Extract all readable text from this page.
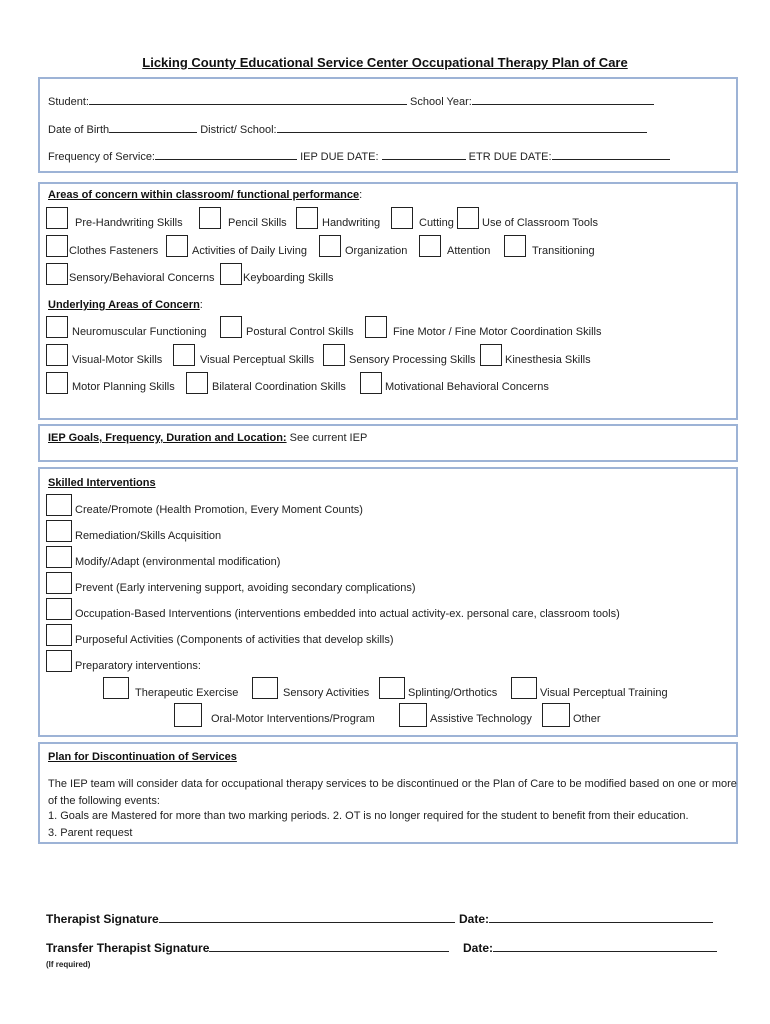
Licking County Educational Service Center Occupational Therapy Plan of Care
Student:	School Year:
Date of Birth	District/ School:
Frequency of Service:	IEP DUE DATE:	ETR DUE DATE:
Areas of concern within classroom/ functional performance:
Pre-Handwriting Skills	Pencil Skills	Handwriting	Cutting	Use of Classroom Tools
Clothes Fasteners	Activities of Daily Living	Organization	Attention	Transitioning
Sensory/Behavioral Concerns	Keyboarding Skills
Underlying Areas of Concern:
Neuromuscular Functioning	Postural Control Skills	Fine Motor / Fine Motor Coordination Skills
Visual-Motor Skills	Visual Perceptual Skills	Sensory Processing Skills	Kinesthesia Skills
Motor Planning Skills	Bilateral Coordination Skills	Motivational Behavioral Concerns
IEP Goals, Frequency, Duration and Location: See current IEP
Skilled Interventions
Create/Promote (Health Promotion, Every Moment Counts)
Remediation/Skills Acquisition
Modify/Adapt (environmental modification)
Prevent (Early intervening support, avoiding secondary complications)
Occupation-Based Interventions (interventions embedded into actual activity-ex. personal care, classroom tools)
Purposeful Activities (Components of activities that develop skills)
Preparatory interventions:
Therapeutic Exercise	Sensory Activities	Splinting/Orthotics	Visual Perceptual Training
Oral-Motor Interventions/Program	Assistive Technology	Other
Plan for Discontinuation of Services
The IEP team will consider data for occupational therapy services to be discontinued or the Plan of Care to be modified based on one or more of the following events:
1. Goals are Mastered for more than two marking periods. 2. OT is no longer required for the student to benefit from their education. 3. Parent request
Therapist Signature	Date:
Transfer Therapist Signature	Date:
(If required)
